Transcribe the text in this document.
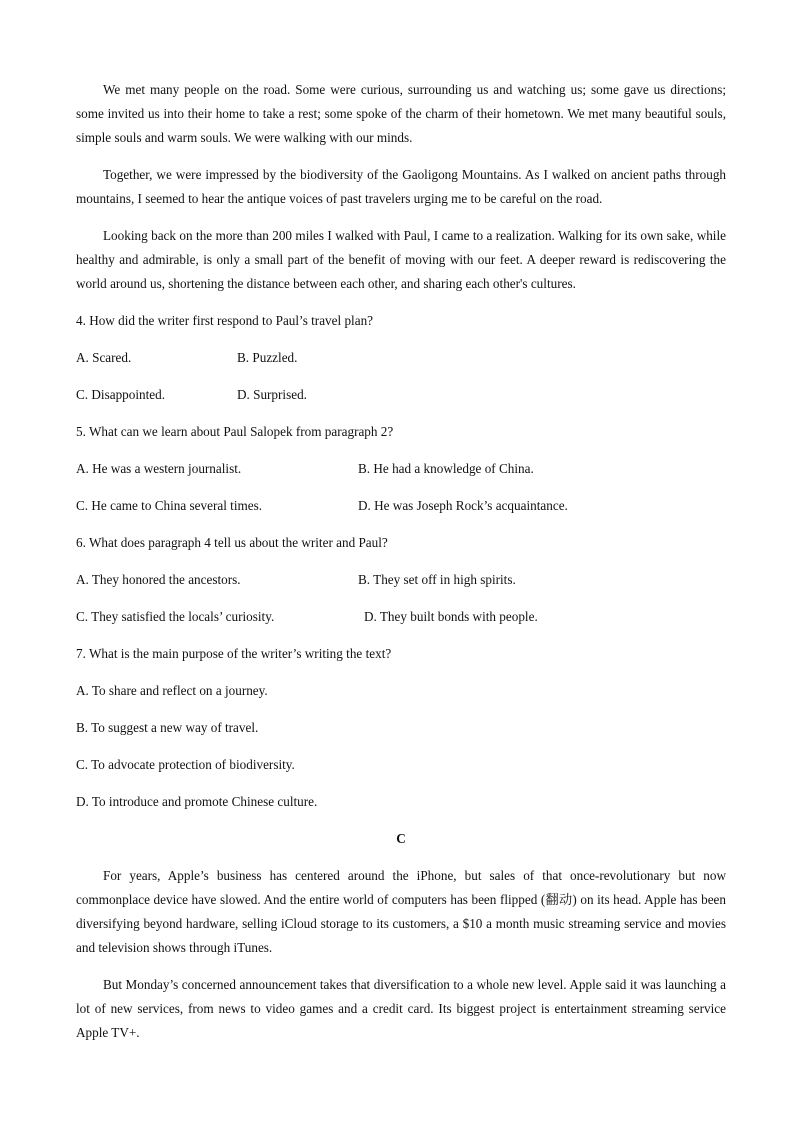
We met many people on the road. Some were curious, surrounding us and watching us; some gave us directions; some invited us into their home to take a rest; some spoke of the charm of their hometown. We met many beautiful souls, simple souls and warm souls. We were walking with our minds.

Together, we were impressed by the biodiversity of the Gaoligong Mountains. As I walked on ancient paths through mountains, I seemed to hear the antique voices of past travelers urging me to be careful on the road.

Looking back on the more than 200 miles I walked with Paul, I came to a realization. Walking for its own sake, while healthy and admirable, is only a small part of the benefit of moving with our feet. A deeper reward is rediscovering the world around us, shortening the distance between each other, and sharing each other's cultures.

4. How did the writer first respond to Paul’s travel plan?
A. Scared.	B. Puzzled.
C. Disappointed.	D. Surprised.
5. What can we learn about Paul Salopek from paragraph 2?
A. He was a western journalist.	B. He had a knowledge of China.
C. He came to China several times.	D. He was Joseph Rock’s acquaintance.
6. What does paragraph 4 tell us about the writer and Paul?
A. They honored the ancestors.	B. They set off in high spirits.
C. They satisfied the locals’ curiosity.	D. They built bonds with people.
7. What is the main purpose of the writer’s writing the text?
A. To share and reflect on a journey.
B. To suggest a new way of travel.
C. To advocate protection of biodiversity.
D. To introduce and promote Chinese culture.
C

For years, Apple’s business has centered around the iPhone, but sales of that once-revolutionary but now commonplace device have slowed. And the entire world of computers has been flipped (翻动) on its head. Apple has been diversifying beyond hardware, selling iCloud storage to its customers, a $10 a month music streaming service and movies and television shows through iTunes.

But Monday’s concerned announcement takes that diversification to a whole new level. Apple said it was launching a lot of new services, from news to video games and a credit card. Its biggest project is entertainment streaming service Apple TV+.
